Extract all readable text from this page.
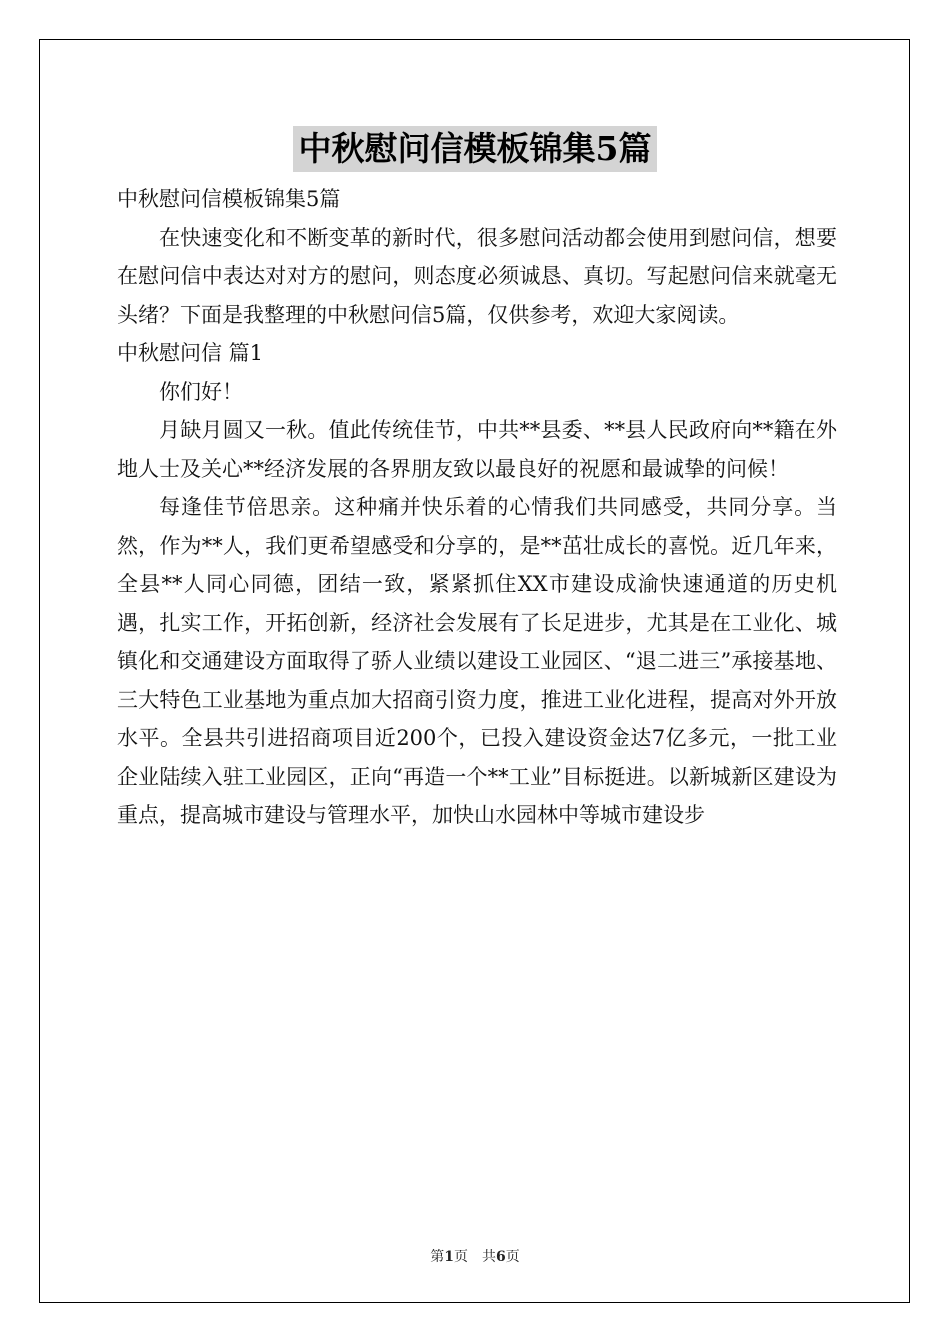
中秋慰问信模板锦集5篇

中秋慰问信模板锦集5篇

在快速变化和不断变革的新时代，很多慰问活动都会使用到慰问信，想要在慰问信中表达对对方的慰问，则态度必须诚恳、真切。写起慰问信来就毫无头绪？下面是我整理的中秋慰问信5篇，仅供参考，欢迎大家阅读。

中秋慰问信 篇1

你们好！

月缺月圆又一秋。值此传统佳节，中共**县委、**县人民政府向**籍在外地人士及关心**经济发展的各界朋友致以最良好的祝愿和最诚挚的问候！

每逢佳节倍思亲。这种痛并快乐着的心情我们共同感受，共同分享。当然，作为**人，我们更希望感受和分享的，是**茁壮成长的喜悦。近几年来，全县**人同心同德，团结一致，紧紧抓住XX市建设成渝快速通道的历史机遇，扎实工作，开拓创新，经济社会发展有了长足进步，尤其是在工业化、城镇化和交通建设方面取得了骄人业绩以建设工业园区、“退二进三”承接基地、三大特色工业基地为重点加大招商引资力度，推进工业化进程，提高对外开放水平。全县共引进招商项目近200个，已投入建设资金达7亿多元，一批工业企业陆续入驻工业园区，正向“再造一个**工业”目标挺进。以新城新区建设为重点，提高城市建设与管理水平，加快山水园林中等城市建设步

第1页　共6页
